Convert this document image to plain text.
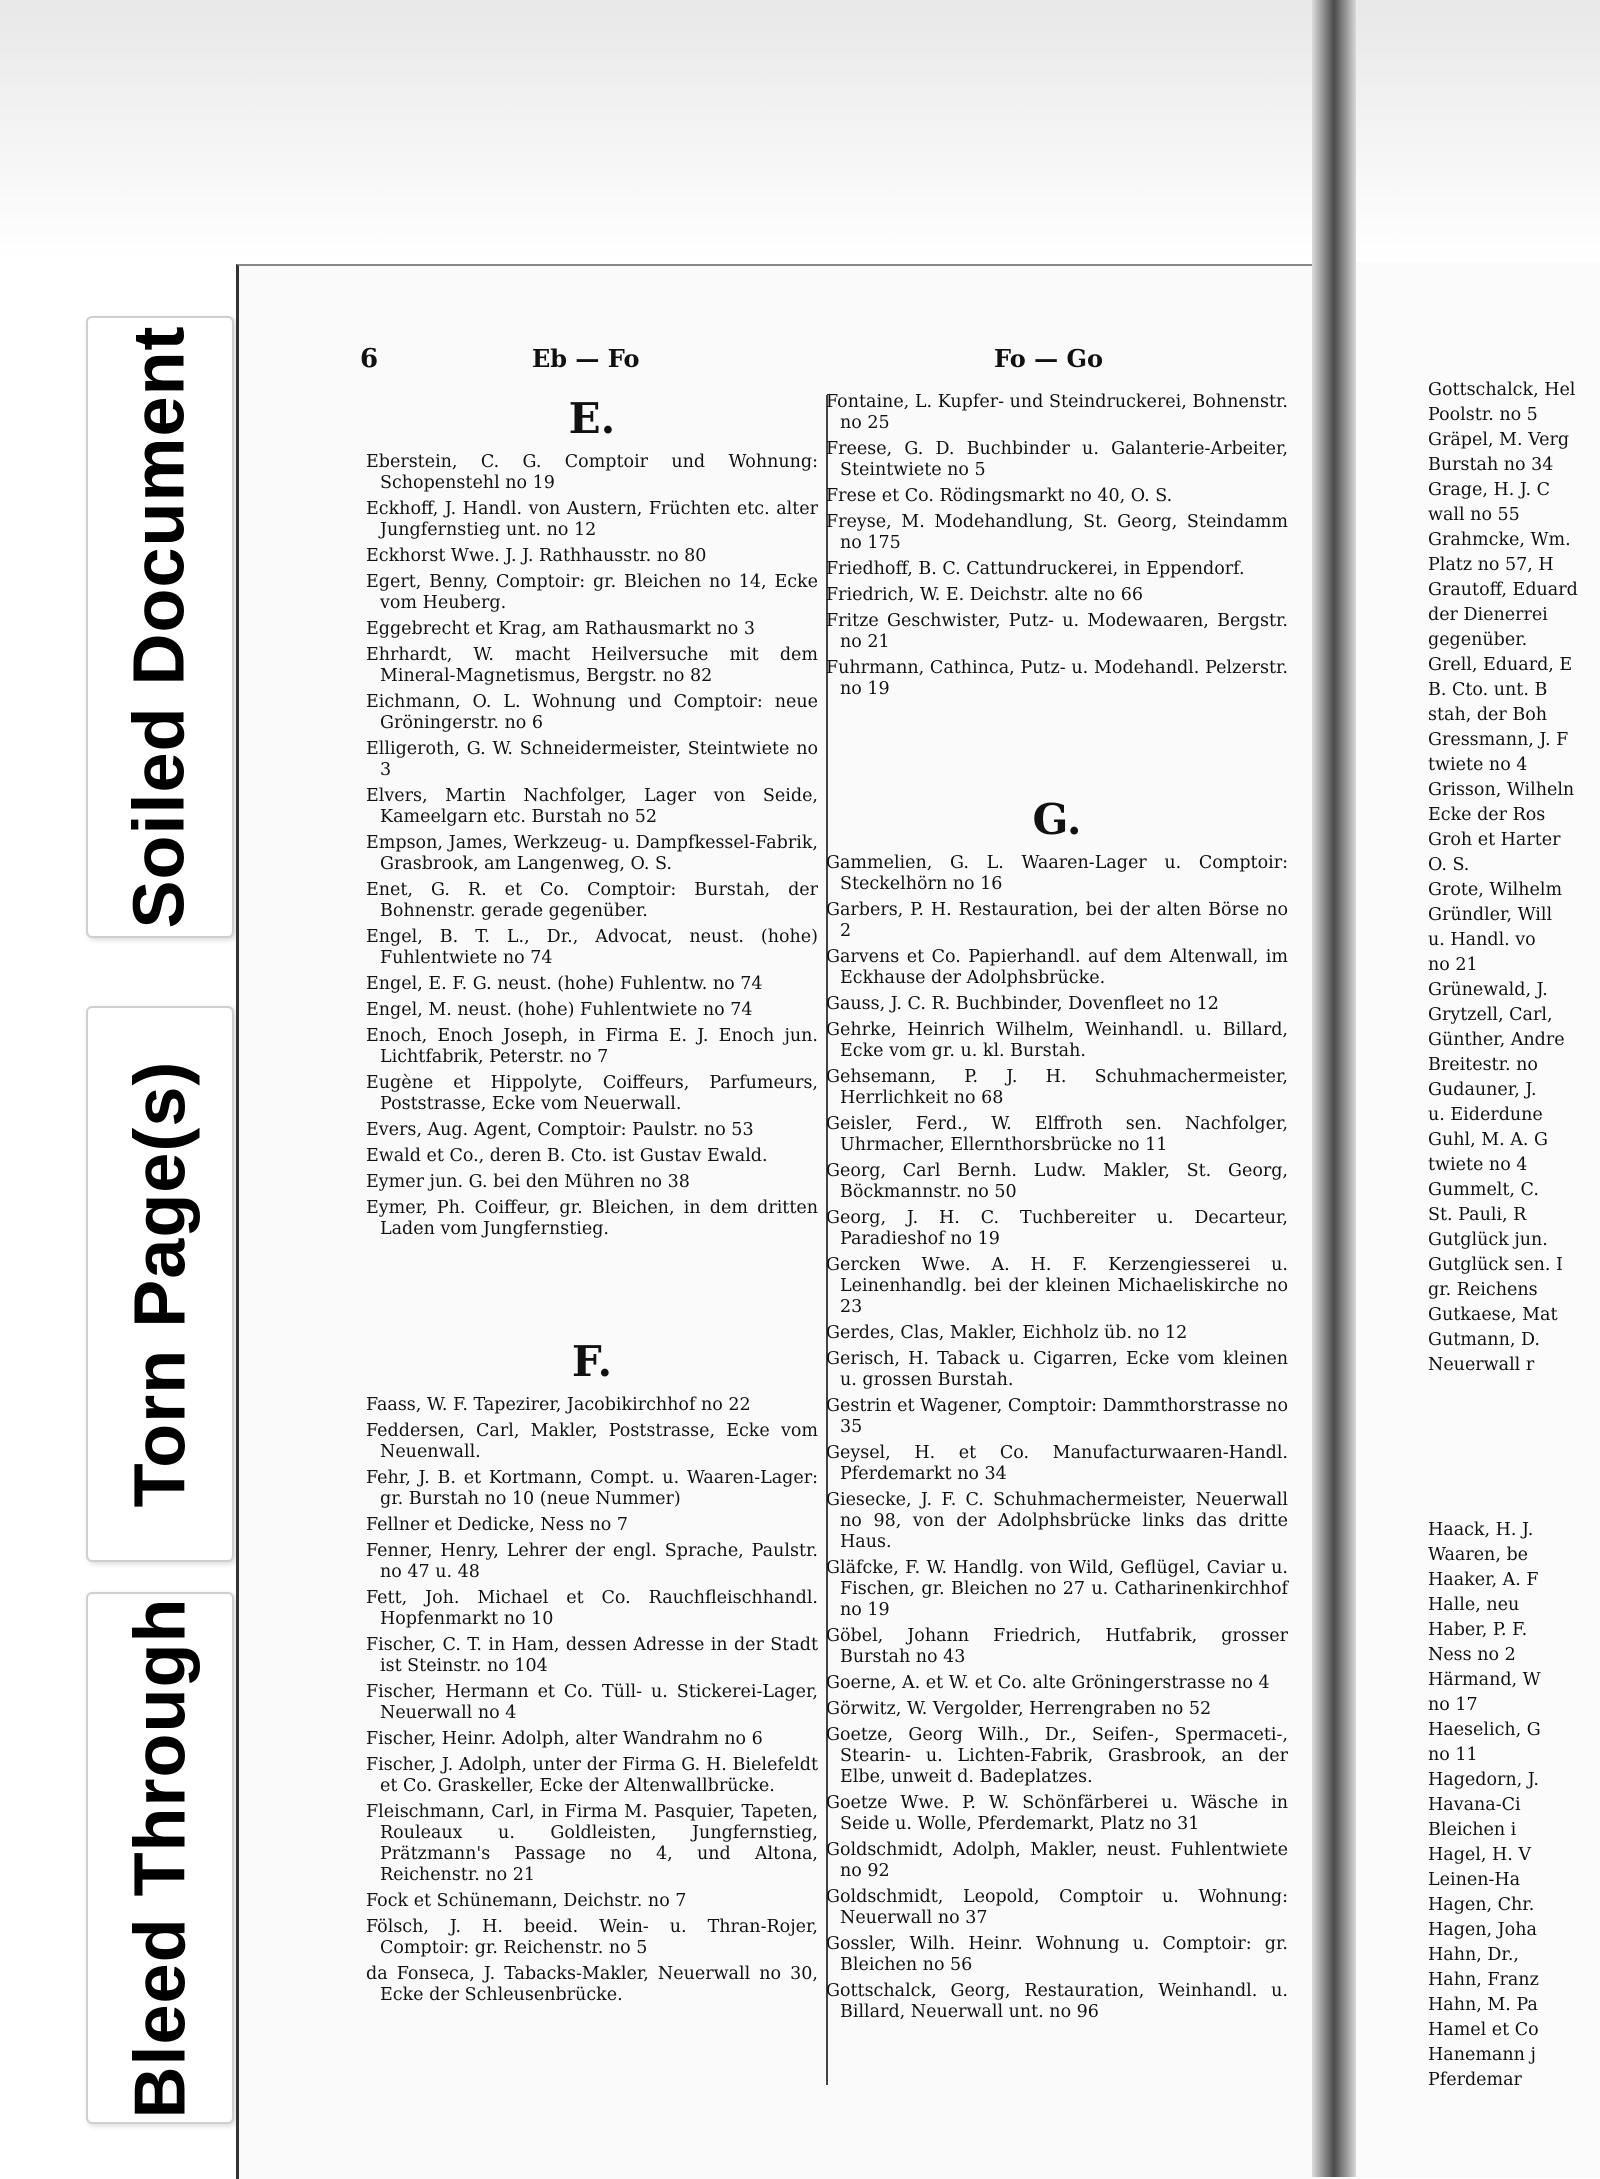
Soiled Document
Torn Page(s)
Bleed Through
6	Eb — Fo	Fo — Go
E.
Eberstein, C. G. Comptoir und Wohnung: Schopenstehl no 19
Eckhoff, J. Handl. von Austern, Früchten etc. alter Jungfernstieg unt. no 12
Eckhorst Wwe. J. J. Rathhausstr. no 80
Egert, Benny, Comptoir: gr. Bleichen no 14, Ecke vom Heuberg.
Eggebrecht et Krag, am Rathausmarkt no 3
Ehrhardt, W. macht Heilversuche mit dem Mineral-Magnetismus, Bergstr. no 82
Eichmann, O. L. Wohnung und Comptoir: neue Gröningerstr. no 6
Elligeroth, G. W. Schneidermeister, Steintwiete no 3
Elvers, Martin Nachfolger, Lager von Seide, Kameelgarn etc. Burstah no 52
Empson, James, Werkzeug- u. Dampfkessel-Fabrik, Grasbrook, am Langenweg, O. S.
Enet, G. R. et Co. Comptoir: Burstah, der Bohnenstr. gerade gegenüber.
Engel, B. T. L., Dr., Advocat, neust. (hohe) Fuhlentwiete no 74
Engel, E. F. G. neust. (hohe) Fuhlentw. no 74
Engel, M. neust. (hohe) Fuhlentwiete no 74
Enoch, Enoch Joseph, in Firma E. J. Enoch jun. Lichtfabrik, Peterstr. no 7
Eugène et Hippolyte, Coiffeurs, Parfumeurs, Poststrasse, Ecke vom Neuerwall.
Evers, Aug. Agent, Comptoir: Paulstr. no 53
Ewald et Co., deren B. Cto. ist Gustav Ewald.
Eymer jun. G. bei den Mühren no 38
Eymer, Ph. Coiffeur, gr. Bleichen, in dem dritten Laden vom Jungfernstieg.
F.
Faass, W. F. Tapezirer, Jacobikirchhof no 22
Feddersen, Carl, Makler, Poststrasse, Ecke vom Neuenwall.
Fehr, J. B. et Kortmann, Compt. u. Waaren-Lager: gr. Burstah no 10 (neue Nummer)
Fellner et Dedicke, Ness no 7
Fenner, Henry, Lehrer der engl. Sprache, Paulstr. no 47 u. 48
Fett, Joh. Michael et Co. Rauchfleischhandl. Hopfenmarkt no 10
Fischer, C. T. in Ham, dessen Adresse in der Stadt ist Steinstr. no 104
Fischer, Hermann et Co. Tüll- u. Stickerei-Lager, Neuerwall no 4
Fischer, Heinr. Adolph, alter Wandrahm no 6
Fischer, J. Adolph, unter der Firma G. H. Bielefeldt et Co. Graskeller, Ecke der Altenwallbrücke.
Fleischmann, Carl, in Firma M. Pasquier, Tapeten, Rouleaux u. Goldleisten, Jungfernstieg, Prätzmann's Passage no 4, und Altona, Reichenstr. no 21
Fock et Schünemann, Deichstr. no 7
Fölsch, J. H. beeid. Wein- u. Thran-Rojer, Comptoir: gr. Reichenstr. no 5
da Fonseca, J. Tabacks-Makler, Neuerwall no 30, Ecke der Schleusenbrücke.
Fontaine, L. Kupfer- und Steindruckerei, Bohnenstr. no 25
Freese, G. D. Buchbinder u. Galanterie-Arbeiter, Steintwiete no 5
Frese et Co. Rödingsmarkt no 40, O. S.
Freyse, M. Modehandlung, St. Georg, Steindamm no 175
Friedhoff, B. C. Cattundruckerei, in Eppendorf.
Friedrich, W. E. Deichstr. alte no 66
Fritze Geschwister, Putz- u. Modewaaren, Bergstr. no 21
Fuhrmann, Cathinca, Putz- u. Modehandl. Pelzerstr. no 19
G.
Gammelien, G. L. Waaren-Lager u. Comptoir: Steckelhörn no 16
Garbers, P. H. Restauration, bei der alten Börse no 2
Garvens et Co. Papierhandl. auf dem Altenwall, im Eckhause der Adolphsbrücke.
Gauss, J. C. R. Buchbinder, Dovenfleet no 12
Gehrke, Heinrich Wilhelm, Weinhandl. u. Billard, Ecke vom gr. u. kl. Burstah.
Gehsemann, P. J. H. Schuhmachermeister, Herrlichkeit no 68
Geisler, Ferd., W. Elffroth sen. Nachfolger, Uhrmacher, Ellernthorsbrücke no 11
Georg, Carl Bernh. Ludw. Makler, St. Georg, Böckmannstr. no 50
Georg, J. H. C. Tuchbereiter u. Decarteur, Paradieshof no 19
Gercken Wwe. A. H. F. Kerzengiesserei u. Leinenhandlg. bei der kleinen Michaeliskirche no 23
Gerdes, Clas, Makler, Eichholz üb. no 12
Gerisch, H. Taback u. Cigarren, Ecke vom kleinen u. grossen Burstah.
Gestrin et Wagener, Comptoir: Dammthorstrasse no 35
Geysel, H. et Co. Manufacturwaaren-Handl. Pferdemarkt no 34
Giesecke, J. F. C. Schuhmachermeister, Neuerwall no 98, von der Adolphsbrücke links das dritte Haus.
Gläfcke, F. W. Handlg. von Wild, Geflügel, Caviar u. Fischen, gr. Bleichen no 27 u. Catharinenkirchhof no 19
Göbel, Johann Friedrich, Hutfabrik, grosser Burstah no 43
Goerne, A. et W. et Co. alte Gröningerstrasse no 4
Görwitz, W. Vergolder, Herrengraben no 52
Goetze, Georg Wilh., Dr., Seifen-, Spermaceti-, Stearin- u. Lichten-Fabrik, Grasbrook, an der Elbe, unweit d. Badeplatzes.
Goetze Wwe. P. W. Schönfärberei u. Wäsche in Seide u. Wolle, Pferdemarkt, Platz no 31
Goldschmidt, Adolph, Makler, neust. Fuhlentwiete no 92
Goldschmidt, Leopold, Comptoir u. Wohnung: Neuerwall no 37
Gossler, Wilh. Heinr. Wohnung u. Comptoir: gr. Bleichen no 56
Gottschalck, Georg, Restauration, Weinhandl. u. Billard, Neuerwall unt. no 96
Gottschalck, Hel
Poolstr. no 5
Gräpel, M. Verg
Burstah no 34
Grage, H. J. C
wall no 55
Grahmcke, Wm.
Platz no 57, H
Grautoff, Eduard
der Dienerrei
gegenüber.
Grell, Eduard, E
B. Cto. unt. B
stah, der Boh
Gressmann, J. F
twiete no 4
Grisson, Wilheln
Ecke der Ros
Groh et Harter
O. S.
Grote, Wilhelm
Gründler, Will
u. Handl. vo
no 21
Grünewald, J.
Grytzell, Carl,
Günther, Andre
Breitestr. no
Gudauner, J.
u. Eiderdune
Guhl, M. A. G
twiete no 4
Gummelt, C.
St. Pauli, R
Gutglück jun.
Gutglück sen. I
gr. Reichens
Gutkaese, Mat
Gutmann, D.
Neuerwall r
Haack, H. J.
Waaren, be
Haaker, A. F
Halle, neu
Haber, P. F.
Ness no 2
Härmand, W
no 17
Haeselich, G
no 11
Hagedorn, J.
Havana-Ci
Bleichen i
Hagel, H. V
Leinen-Ha
Hagen, Chr.
Hagen, Joha
Hahn, Dr.,
Hahn, Franz
Hahn, M. Pa
Hamel et Co
Hanemann j
Pferdemar
